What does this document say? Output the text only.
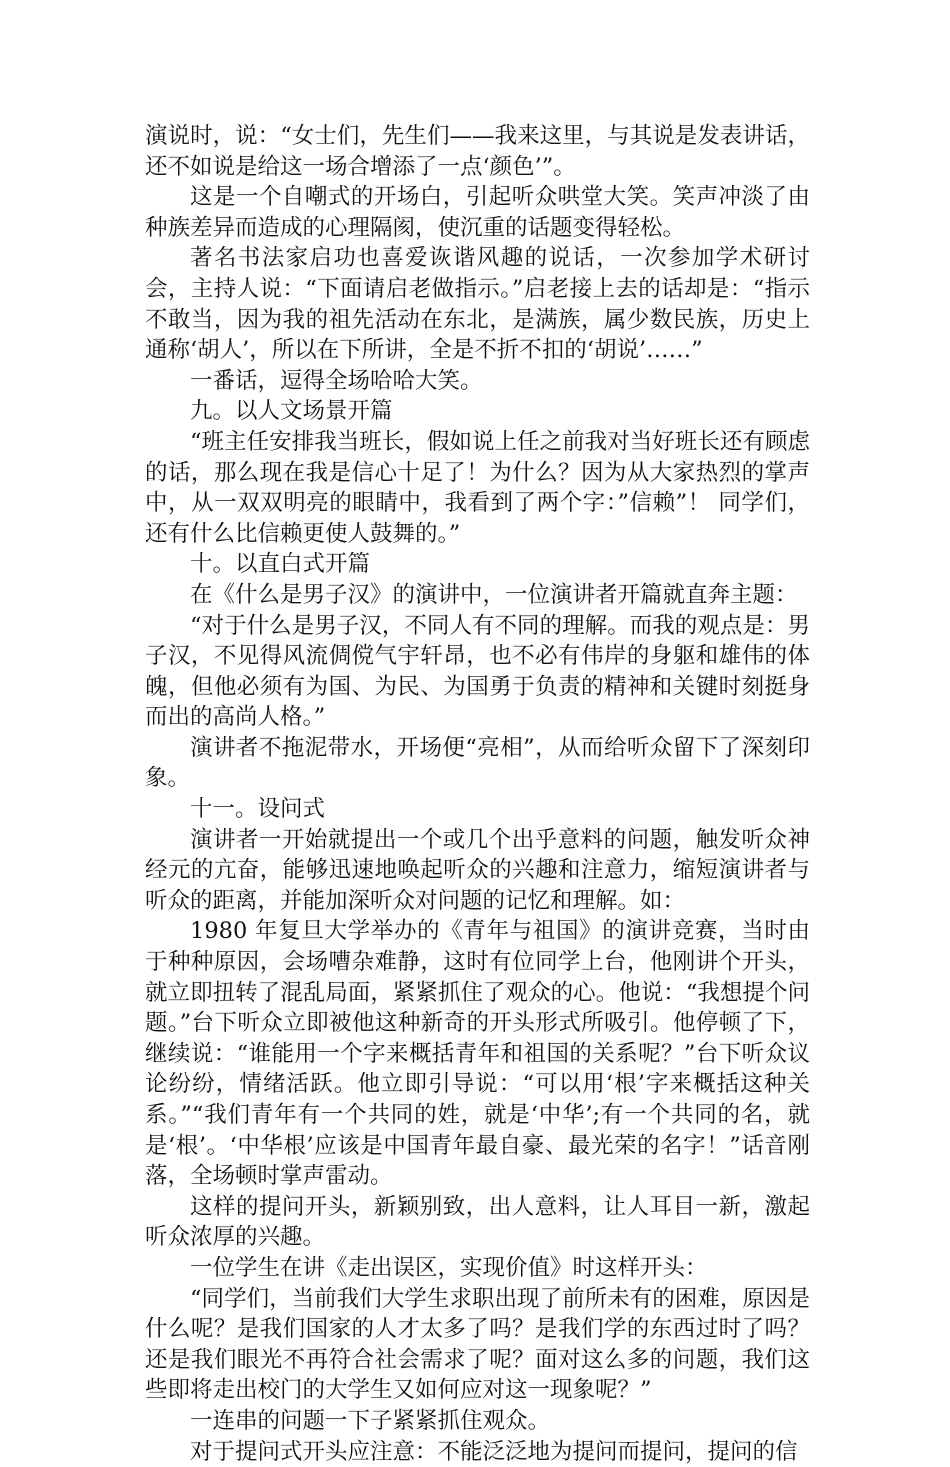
演说时，说：“女士们，先生们——我来这里，与其说是发表讲话，还不如说是给这一场合增添了一点‘颜色’”。

这是一个自嘲式的开场白，引起听众哄堂大笑。笑声冲淡了由种族差异而造成的心理隔阂，使沉重的话题变得轻松。

著名书法家启功也喜爱诙谐风趣的说话，一次参加学术研讨会，主持人说：“下面请启老做指示。”启老接上去的话却是：“指示不敢当，因为我的祖先活动在东北，是满族，属少数民族，历史上通称‘胡人’，所以在下所讲，全是不折不扣的‘胡说’……”

一番话，逗得全场哈哈大笑。

九。以人文场景开篇

“班主任安排我当班长，假如说上任之前我对当好班长还有顾虑的话，那么现在我是信心十足了！为什么？因为从大家热烈的掌声中，从一双双明亮的眼睛中，我看到了两个字：”信赖”！ 同学们，还有什么比信赖更使人鼓舞的。”

十。以直白式开篇

在《什么是男子汉》的演讲中，一位演讲者开篇就直奔主题：

“对于什么是男子汉，不同人有不同的理解。而我的观点是：男子汉，不见得风流倜傥气宇轩昂，也不必有伟岸的身躯和雄伟的体魄，但他必须有为国、为民、为国勇于负责的精神和关键时刻挺身而出的高尚人格。”

演讲者不拖泥带水，开场便“亮相”，从而给听众留下了深刻印象。

十一。设问式

演讲者一开始就提出一个或几个出乎意料的问题，触发听众神经元的亢奋，能够迅速地唤起听众的兴趣和注意力，缩短演讲者与听众的距离，并能加深听众对问题的记忆和理解。如：

1980 年复旦大学举办的《青年与祖国》的演讲竞赛，当时由于种种原因，会场嘈杂难静，这时有位同学上台，他刚讲个开头，就立即扭转了混乱局面，紧紧抓住了观众的心。他说：“我想提个问题。”台下听众立即被他这种新奇的开头形式所吸引。他停顿了下，继续说：“谁能用一个字来概括青年和祖国的关系呢？”台下听众议论纷纷，情绪活跃。他立即引导说：“可以用‘根’字来概括这种关系。”“我们青年有一个共同的姓，就是‘中华’;有一个共同的名，就是‘根’。‘中华根’应该是中国青年最自豪、最光荣的名字！”话音刚落，全场顿时掌声雷动。

这样的提问开头，新颖别致，出人意料，让人耳目一新，激起听众浓厚的兴趣。

一位学生在讲《走出误区，实现价值》时这样开头：

“同学们，当前我们大学生求职出现了前所未有的困难，原因是什么呢？是我们国家的人才太多了吗？是我们学的东西过时了吗？还是我们眼光不再符合社会需求了呢？面对这么多的问题，我们这些即将走出校门的大学生又如何应对这一现象呢？”

一连串的问题一下子紧紧抓住观众。

对于提问式开头应注意：不能泛泛地为提问而提问，提问的信
